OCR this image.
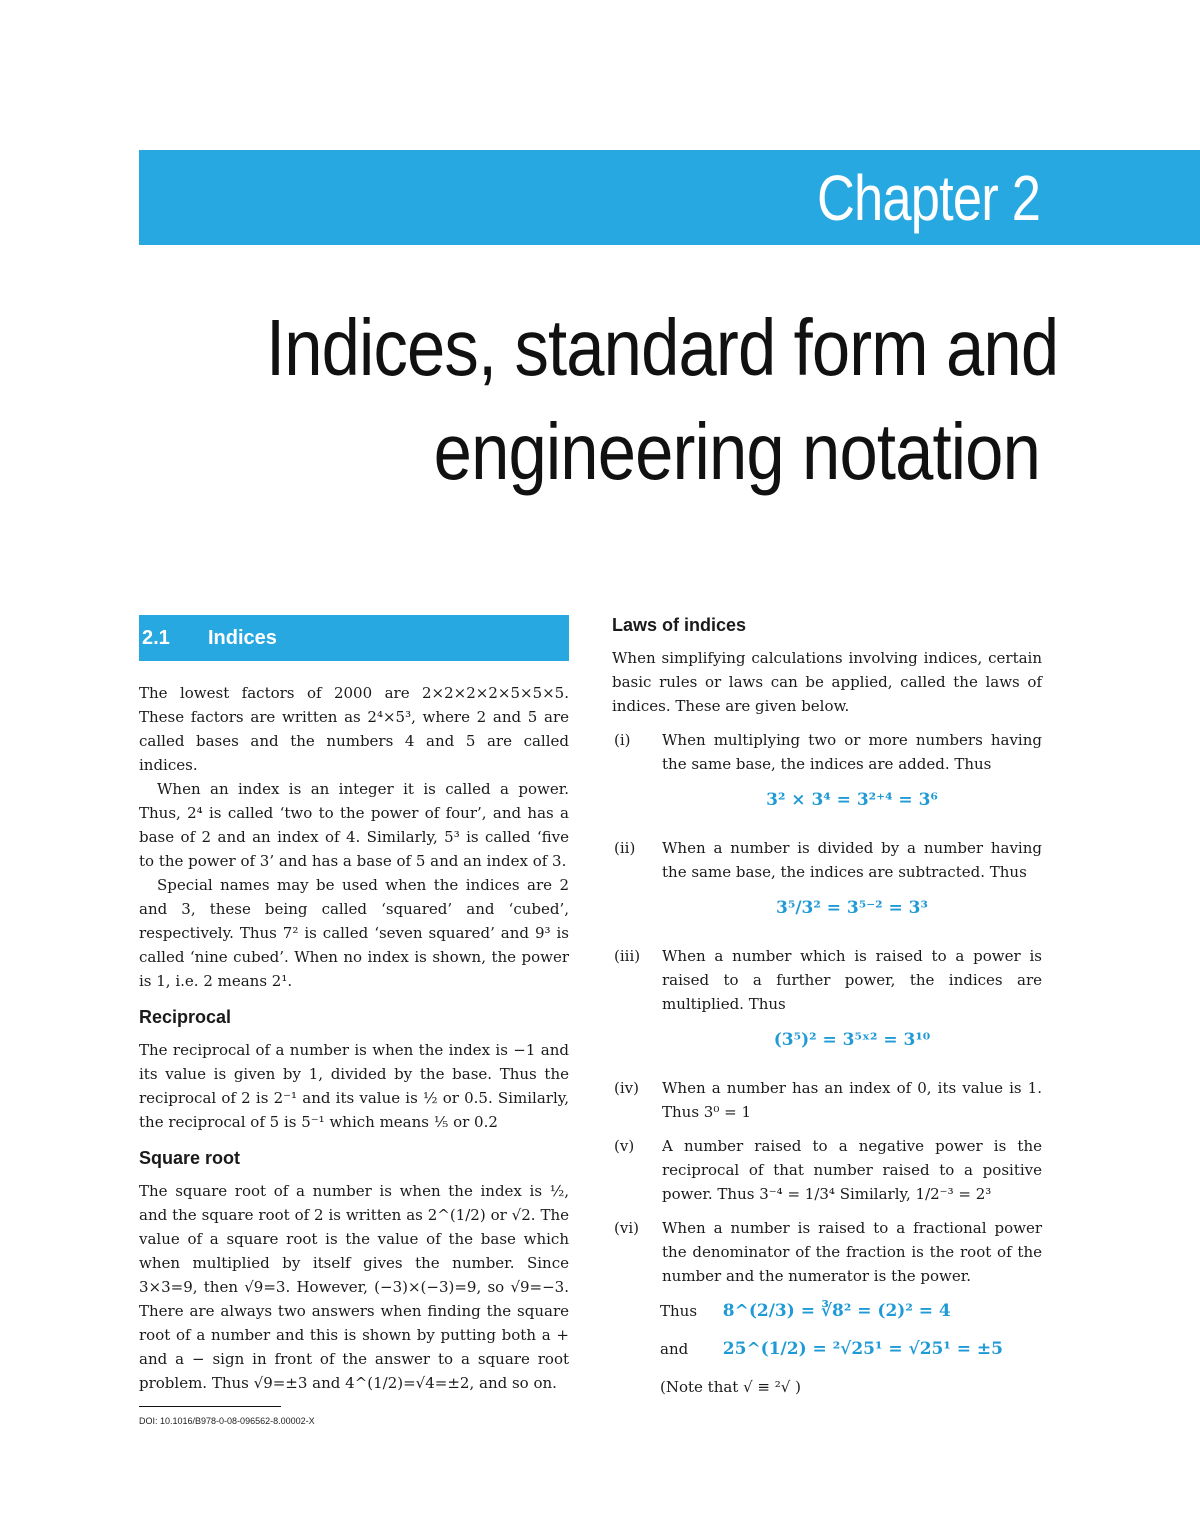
Chapter 2
Indices, standard form and
engineering notation
2.1	Indices

The lowest factors of 2000 are 2×2×2×2×5×5×5. These factors are written as 2⁴×5³, where 2 and 5 are called bases and the numbers 4 and 5 are called indices.

When an index is an integer it is called a power. Thus, 2⁴ is called ‘two to the power of four’, and has a base of 2 and an index of 4. Similarly, 5³ is called ‘five to the power of 3’ and has a base of 5 and an index of 3.

Special names may be used when the indices are 2 and 3, these being called ‘squared’ and ‘cubed’, respectively. Thus 7² is called ‘seven squared’ and 9³ is called ‘nine cubed’. When no index is shown, the power is 1, i.e. 2 means 2¹.

Reciprocal

The reciprocal of a number is when the index is −1 and its value is given by 1, divided by the base. Thus the reciprocal of 2 is 2⁻¹ and its value is ½ or 0.5. Similarly, the reciprocal of 5 is 5⁻¹ which means ⅕ or 0.2

Square root

The square root of a number is when the index is ½, and the square root of 2 is written as 2^(1/2) or √2. The value of a square root is the value of the base which when multiplied by itself gives the number. Since 3×3=9, then √9=3. However, (−3)×(−3)=9, so √9=−3. There are always two answers when finding the square root of a number and this is shown by putting both a + and a − sign in front of the answer to a square root problem. Thus √9=±3 and 4^(1/2)=√4=±2, and so on.

Laws of indices

When simplifying calculations involving indices, certain basic rules or laws can be applied, called the laws of indices. These are given below.

(i)	When multiplying two or more numbers having the same base, the indices are added. Thus

3² × 3⁴ = 3²⁺⁴ = 3⁶
(ii)	When a number is divided by a number having the same base, the indices are subtracted. Thus

3⁵/3² = 3⁵⁻² = 3³
(iii)	When a number which is raised to a power is raised to a further power, the indices are multiplied. Thus

(3⁵)² = 3⁵ˣ² = 3¹⁰
(iv)	When a number has an index of 0, its value is 1. Thus 3⁰ = 1

(v)	A number raised to a negative power is the reciprocal of that number raised to a positive power. Thus 3⁻⁴ = 1/3⁴ Similarly, 1/2⁻³ = 2³

(vi)	When a number is raised to a fractional power the denominator of the fraction is the root of the number and the numerator is the power.

Thus 8^(2/3) = ∛8² = (2)² = 4
and 25^(1/2) = ²√25¹ = √25¹ = ±5
(Note that √ ≡ ²√ )
DOI: 10.1016/B978-0-08-096562-8.00002-X
